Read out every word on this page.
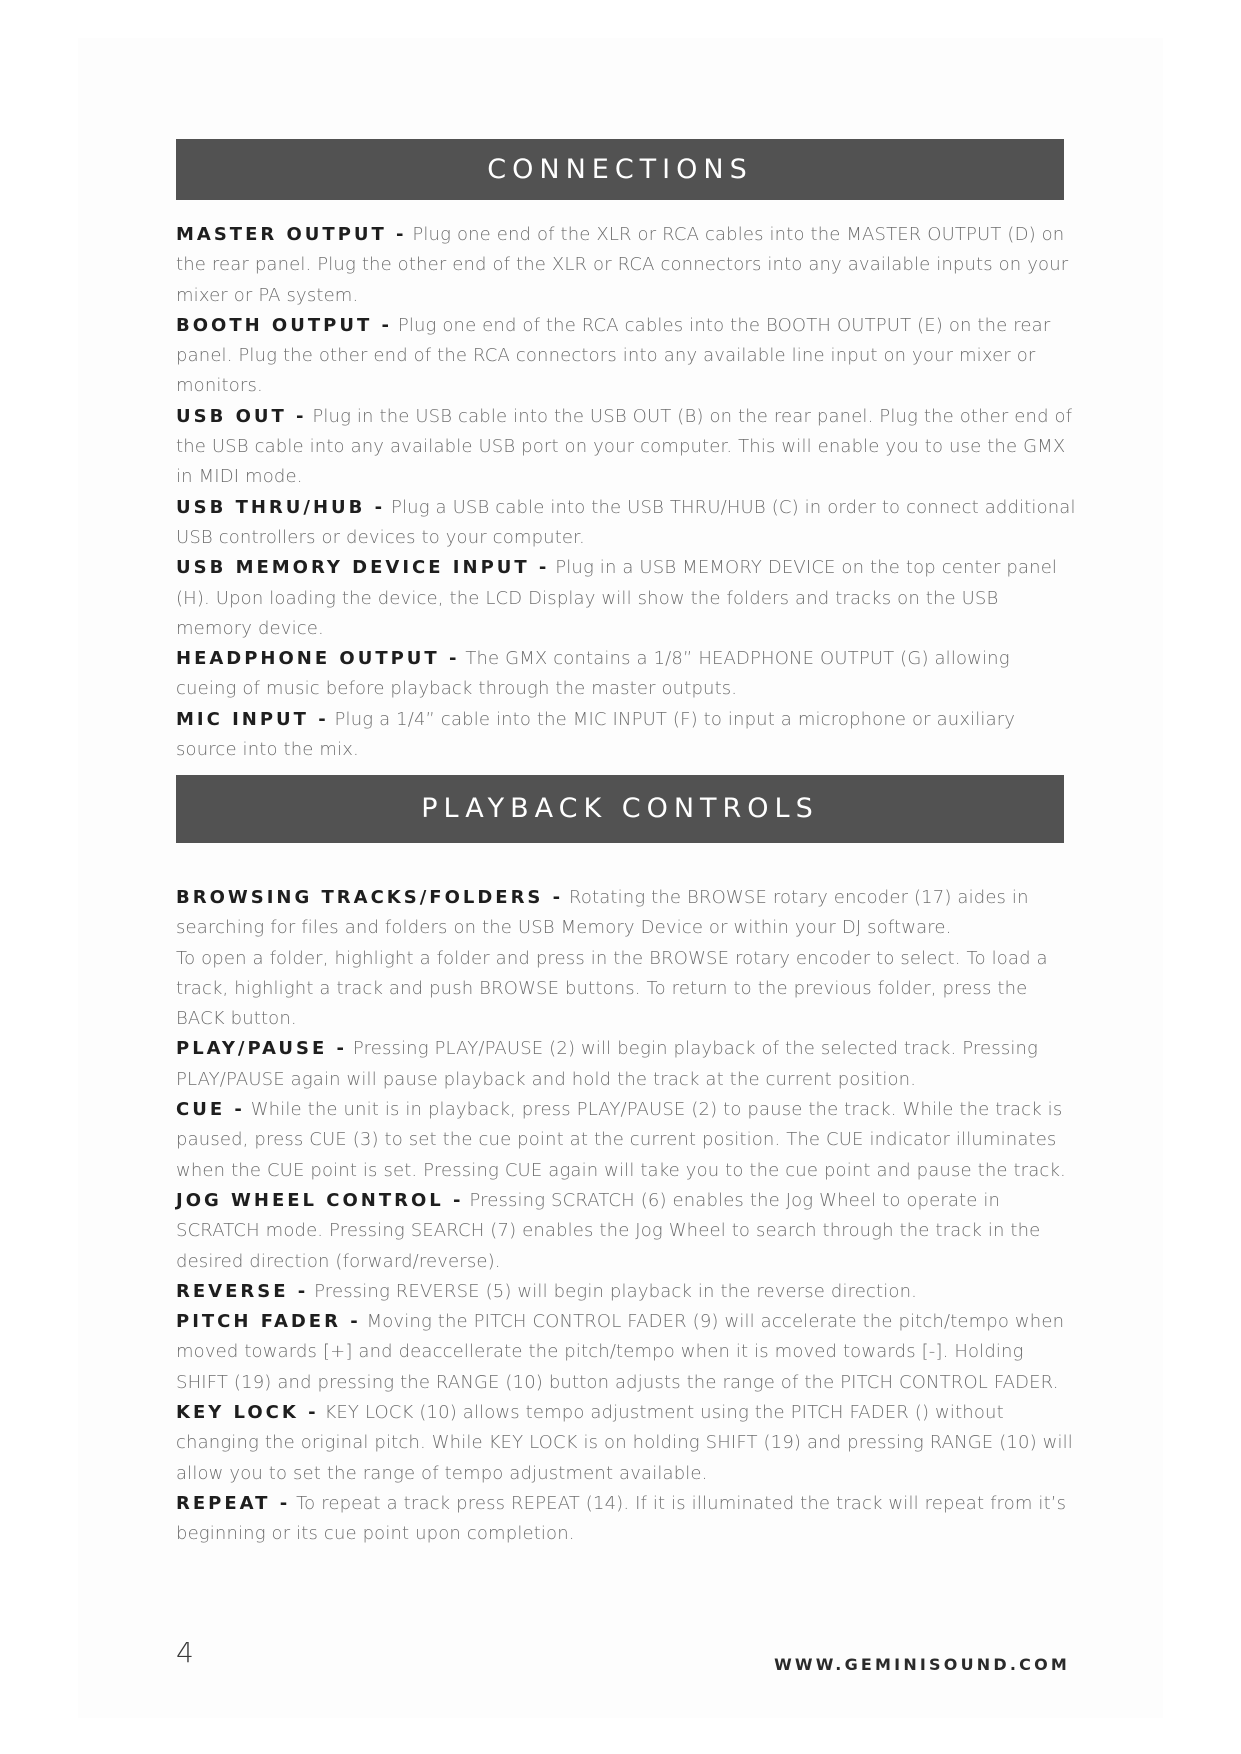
CONNECTIONS

MASTER OUTPUT - Plug one end of the XLR or RCA cables into the MASTER OUTPUT (D) on the rear panel. Plug the other end of the XLR or RCA connectors into any available inputs on your mixer or PA system.

BOOTH OUTPUT - Plug one end of the RCA cables into the BOOTH OUTPUT (E) on the rear panel. Plug the other end of the RCA connectors into any available line input on your mixer or monitors.

USB OUT - Plug in the USB cable into the USB OUT (B) on the rear panel. Plug the other end of the USB cable into any available USB port on your computer. This will enable you to use the GMX in MIDI mode.

USB THRU/HUB - Plug a USB cable into the USB THRU/HUB (C) in order to connect additional USB controllers or devices to your computer.

USB MEMORY DEVICE INPUT - Plug in a USB MEMORY DEVICE on the top center panel (H). Upon loading the device, the LCD Display will show the folders and tracks on the USB memory device.

HEADPHONE OUTPUT - The GMX contains a 1/8” HEADPHONE OUTPUT (G) allowing cueing of music before playback through the master outputs.

MIC INPUT - Plug a 1/4” cable into the MIC INPUT (F) to input a microphone or auxiliary source into the mix.

PLAYBACK CONTROLS

BROWSING TRACKS/FOLDERS - Rotating the BROWSE rotary encoder (17) aides in searching for files and folders on the USB Memory Device or within your DJ software.

To open a folder, highlight a folder and press in the BROWSE rotary encoder to select. To load a track, highlight a track and push BROWSE buttons. To return to the previous folder, press the BACK button.

PLAY/PAUSE - Pressing PLAY/PAUSE (2) will begin playback of the selected track. Pressing PLAY/PAUSE again will pause playback and hold the track at the current position.

CUE - While the unit is in playback, press PLAY/PAUSE (2) to pause the track. While the track is paused, press CUE (3) to set the cue point at the current position. The CUE indicator illuminates when the CUE point is set. Pressing CUE again will take you to the cue point and pause the track.

JOG WHEEL CONTROL - Pressing SCRATCH (6) enables the Jog Wheel to operate in SCRATCH mode. Pressing SEARCH (7) enables the Jog Wheel to search through the track in the desired direction (forward/reverse).

REVERSE - Pressing REVERSE (5) will begin playback in the reverse direction.

PITCH FADER - Moving the PITCH CONTROL FADER (9) will accelerate the pitch/tempo when moved towards [+] and deaccellerate the pitch/tempo when it is moved towards [-]. Holding SHIFT (19) and pressing the RANGE (10) button adjusts the range of the PITCH CONTROL FADER.

KEY LOCK - KEY LOCK (10) allows tempo adjustment using the PITCH FADER () without changing the original pitch. While KEY LOCK is on holding SHIFT (19) and pressing RANGE (10) will allow you to set the range of tempo adjustment available.

REPEAT - To repeat a track press REPEAT (14). If it is illuminated the track will repeat from it’s beginning or its cue point upon completion.

4	WWW.GEMINISOUND.COM
